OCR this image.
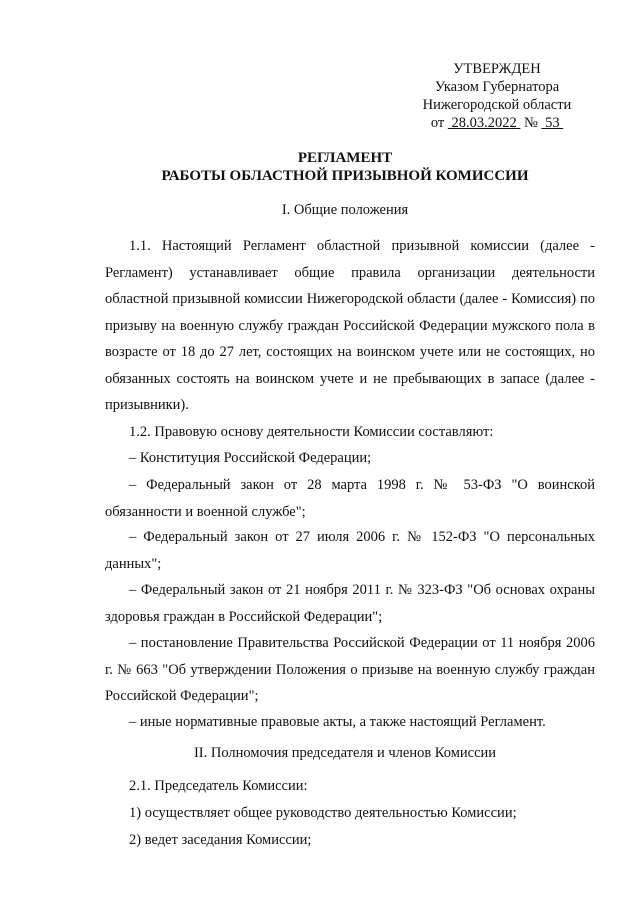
УТВЕРЖДЕН
Указом Губернатора
Нижегородской области
от 28.03.2022 № 53
РЕГЛАМЕНТ
РАБОТЫ ОБЛАСТНОЙ ПРИЗЫВНОЙ КОМИССИИ
I. Общие положения
1.1. Настоящий Регламент областной призывной комиссии (далее - Регламент) устанавливает общие правила организации деятельности областной призывной комиссии Нижегородской области (далее - Комиссия) по призыву на военную службу граждан Российской Федерации мужского пола в возрасте от 18 до 27 лет, состоящих на воинском учете или не состоящих, но обязанных состоять на воинском учете и не пребывающих в запасе (далее - призывники).
1.2. Правовую основу деятельности Комиссии составляют:
– Конституция Российской Федерации;
– Федеральный закон от 28 марта 1998 г. № 53-ФЗ "О воинской обязанности и военной службе";
– Федеральный закон от 27 июля 2006 г. № 152-ФЗ "О персональных данных";
– Федеральный закон от 21 ноября 2011 г. № 323-ФЗ "Об основах охраны здоровья граждан в Российской Федерации";
– постановление Правительства Российской Федерации от 11 ноября 2006 г. № 663 "Об утверждении Положения о призыве на военную службу граждан Российской Федерации";
– иные нормативные правовые акты, а также настоящий Регламент.
II. Полномочия председателя и членов Комиссии
2.1. Председатель Комиссии:
1) осуществляет общее руководство деятельностью Комиссии;
2) ведет заседания Комиссии;
